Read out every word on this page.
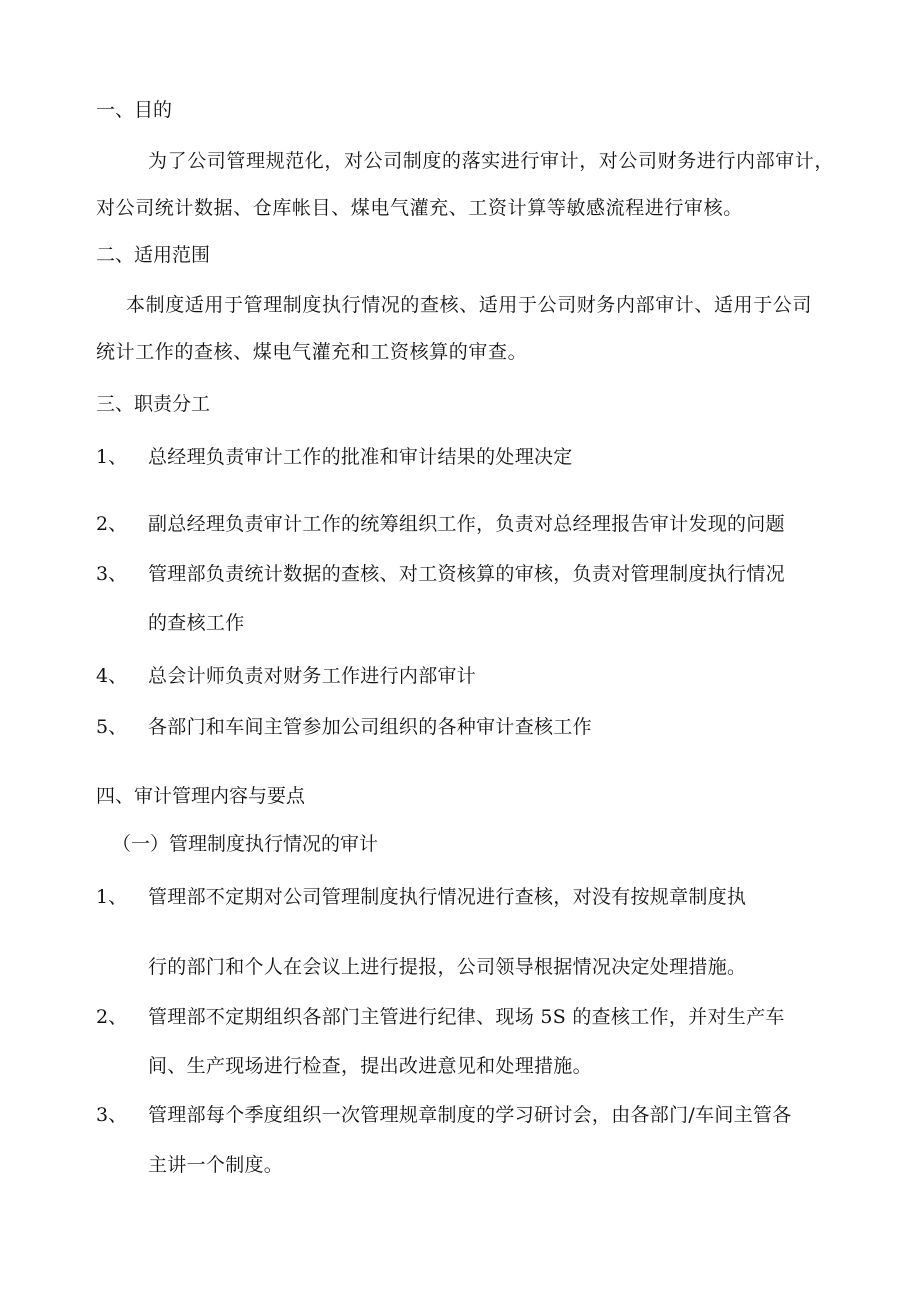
一、目的
为了公司管理规范化，对公司制度的落实进行审计，对公司财务进行内部审计，
对公司统计数据、仓库帐目、煤电气灌充、工资计算等敏感流程进行审核。
二、适用范围
本制度适用于管理制度执行情况的查核、适用于公司财务内部审计、适用于公司
统计工作的查核、煤电气灌充和工资核算的审查。
三、职责分工
1、 总经理负责审计工作的批准和审计结果的处理决定
2、 副总经理负责审计工作的统筹组织工作，负责对总经理报告审计发现的问题
3、 管理部负责统计数据的查核、对工资核算的审核，负责对管理制度执行情况
的查核工作
4、 总会计师负责对财务工作进行内部审计
5、 各部门和车间主管参加公司组织的各种审计查核工作
四、审计管理内容与要点
（一）管理制度执行情况的审计
1、 管理部不定期对公司管理制度执行情况进行查核，对没有按规章制度执
行的部门和个人在会议上进行提报，公司领导根据情况决定处理措施。
2、 管理部不定期组织各部门主管进行纪律、现场 5S 的查核工作，并对生产车
间、生产现场进行检查，提出改进意见和处理措施。
3、 管理部每个季度组织一次管理规章制度的学习研讨会，由各部门/车间主管各
主讲一个制度。
